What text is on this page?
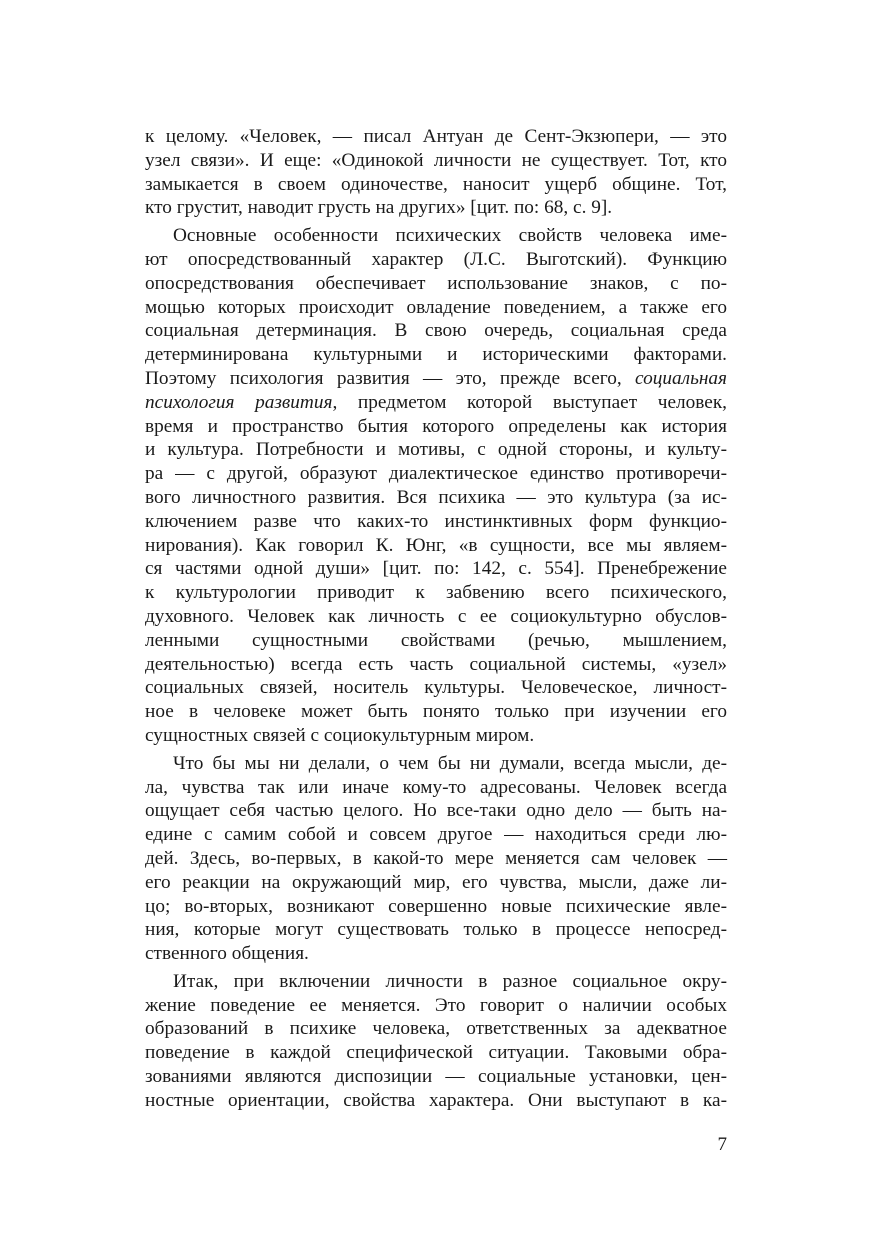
к целому. «Человек, — писал Антуан де Сент-Экзюпери, — это
узел связи». И еще: «Одинокой личности не существует. Тот, кто
замыкается в своем одиночестве, наносит ущерб общине. Тот,
кто грустит, наводит грусть на других» [цит. по: 68, с. 9].
Основные особенности психических свойств человека име-
ют опосредствованный характер (Л.С. Выготский). Функцию
опосредствования обеспечивает использование знаков, с по-
мощью которых происходит овладение поведением, а также его
социальная детерминация. В свою очередь, социальная среда
детерминирована культурными и историческими факторами.
Поэтому психология развития — это, прежде всего, социальная
психология развития, предметом которой выступает человек,
время и пространство бытия которого определены как история
и культура. Потребности и мотивы, с одной стороны, и культу-
ра — с другой, образуют диалектическое единство противоречи-
вого личностного развития. Вся психика — это культура (за ис-
ключением разве что каких-то инстинктивных форм функцио-
нирования). Как говорил К. Юнг, «в сущности, все мы являем-
ся частями одной души» [цит. по: 142, с. 554]. Пренебрежение
к культурологии приводит к забвению всего психического,
духовного. Человек как личность с ее социокультурно обуслов-
ленными сущностными свойствами (речью, мышлением,
деятельностью) всегда есть часть социальной системы, «узел»
социальных связей, носитель культуры. Человеческое, личност-
ное в человеке может быть понято только при изучении его
сущностных связей с социокультурным миром.
Что бы мы ни делали, о чем бы ни думали, всегда мысли, де-
ла, чувства так или иначе кому-то адресованы. Человек всегда
ощущает себя частью целого. Но все-таки одно дело — быть на-
едине с самим собой и совсем другое — находиться среди лю-
дей. Здесь, во-первых, в какой-то мере меняется сам человек —
его реакции на окружающий мир, его чувства, мысли, даже ли-
цо; во-вторых, возникают совершенно новые психические явле-
ния, которые могут существовать только в процессе непосред-
ственного общения.
Итак, при включении личности в разное социальное окру-
жение поведение ее меняется. Это говорит о наличии особых
образований в психике человека, ответственных за адекватное
поведение в каждой специфической ситуации. Таковыми обра-
зованиями являются диспозиции — социальные установки, цен-
ностные ориентации, свойства характера. Они выступают в ка-
7
